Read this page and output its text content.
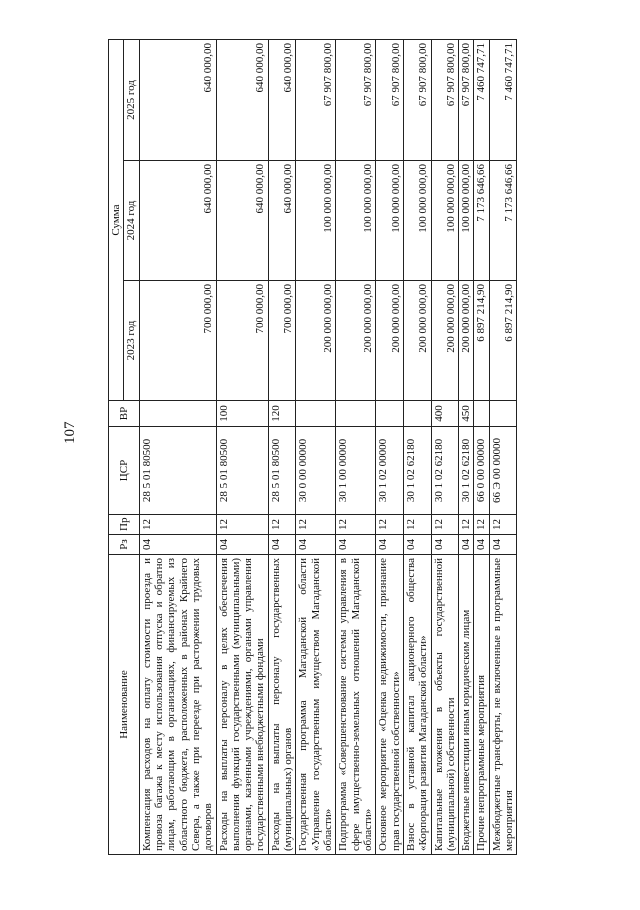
107
Наименование	Рз	Пр	ЦСР	ВР	Сумма		
					2023 год	2024 год	2025 год
Компенсация расходов на оплату стоимости проезда и провоза багажа к месту использования отпуска и обратно лицам, работающим в организациях, финансируемых из областного бюджета, расположенных в районах Крайнего Севера, а также при переезде при расторжении трудовых договоров	04	12	28 5 01 80500		700 000,00	640 000,00	640 000,00
Расходы на выплаты персоналу в целях обеспечения выполнения функций государственными (муниципальными) органами, казенными учреждениями, органами управления государственными внебюджетными фондами	04	12	28 5 01 80500	100	700 000,00	640 000,00	640 000,00
Расходы на выплаты персоналу государственных (муниципальных) органов	04	12	28 5 01 80500	120	700 000,00	640 000,00	640 000,00
Государственная программа Магаданской области «Управление государственным имуществом Магаданской области»	04	12	30 0 00 00000		200 000 000,00	100 000 000,00	67 907 800,00
Подпрограмма «Совершенствование системы управления в сфере имущественно-земельных отношений Магаданской области»	04	12	30 1 00 00000		200 000 000,00	100 000 000,00	67 907 800,00
Основное мероприятие «Оценка недвижимости, признание прав государственной собственности»	04	12	30 1 02 00000		200 000 000,00	100 000 000,00	67 907 800,00
Взнос в уставной капитал акционерного общества «Корпорация развития Магаданской области»	04	12	30 1 02 62180		200 000 000,00	100 000 000,00	67 907 800,00
Капитальные вложения в объекты государственной (муниципальной) собственности	04	12	30 1 02 62180	400	200 000 000,00	100 000 000,00	67 907 800,00
Бюджетные инвестиции иным юридическим лицам	04	12	30 1 02 62180	450	200 000 000,00	100 000 000,00	67 907 800,00
Прочие непрограммные мероприятия	04	12	66 0 00 00000		6 897 214,90	7 173 646,66	7 460 747,71
Межбюджетные трансферты, не включенные в программные мероприятия	04	12	66 Э 00 00000		6 897 214,90	7 173 646,66	7 460 747,71
